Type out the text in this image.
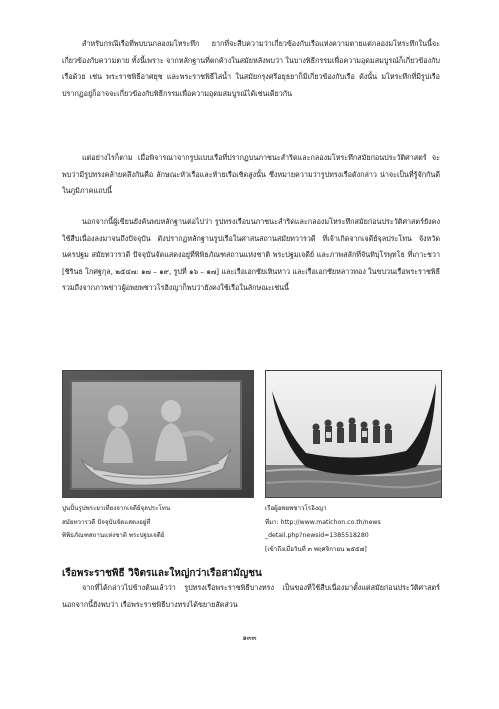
สำหรับกรณีเรือที่พบบนกลองมโหระทึก ยากที่จะสืบความว่าเกี่ยวข้องกับเรือแห่งความตายแต่กลองมโหระทึกในนี้จะเกี่ยวข้องกับความตาย ทั้งนี้เพราะ จากหลักฐานที่ตกค้างในสมัยหลังพบว่า ในบางพิธีกรรมเพื่อความอุดมสมบูรณ์ก็เกี่ยวข้องกับเรือด้วย เช่น พระราชพิธีอาศยุช และพระราชพิธีไล่น้ำ ในสมัยกรุงศรีอยุธยาก็มีเกี่ยวข้องกับเรือ ดังนั้น มโหระทึกที่มีรูปเรือปรากฏอยู่ก็อาจจะเกี่ยวข้องกับพิธีกรรมเพื่อความอุดมสมบูรณ์ได้เช่นเดียวกัน

แต่อย่างไรก็ตาม เมื่อพิจารณาจากรูปแบบเรือที่ปรากฏบนภาชนะสำริดและกลองมโหระทึกสมัยก่อนประวัติศาสตร์ จะพบว่ามีรูปทรงคล้ายคลึงกันคือ ลักษณะหัวเรือและท้ายเรือเชิดสูงนั้น ซึ่งหมายความว่ารูปทรงเรือดังกล่าว น่าจะเป็นที่รู้จักกันดีในภูมิภาคแถบนี้

นอกจากนี้ผู้เขียนยังค้นพบหลักฐานต่อไปว่า รูปทรงเรือบนภาชนะสำริดและกลองมโหระทึกสมัยก่อนประวัติศาสตร์ยังคงใช้สืบเนื่องลงมาจนถึงปัจจุบัน ดังปรากฏหลักฐานรูปเรือในศาสนสถานสมัยทวารวดี ที่เจ้าเกิดจากเจดีย์จุลประโทน จังหวัดนครปฐม สมัยทวารวดี ปัจจุบันจัดแสดงอยู่ที่พิพิธภัณฑสถานแห่งชาติ พระปฐมเจดีย์ และภาพสลักที่จันทิบุโรพุทโธ ที่เกาะชวา [ชิรินธ โกศฐกุล, ๒๕๔๗: ๑๗ – ๑๙, รูปที่ ๑๖ – ๑๗] และเรือเอกชัยเหินหาว และเรือเอกชัยหลาวทอง ในขบวนเรือพระราชพิธี รวมถึงจากภาพข่าวผู้อพยพชาวโรฮิงญาก็พบว่ายังคงใช้เรือในลักษณะเช่นนี้

ปูนปั้นรูปพระยาเที่ยงจากเจดีย์จุลประโทน
สมัยทวารวดี ปัจจุบันจัดแสดงอยู่ที่
พิพิธภัณฑสถานแห่งชาติ พระปฐมเจดีย์

เรือผู้อพยพชาวโรฮิงญา
ที่มา: http://www.matichon.co.th/news
_detail.php?newsid=1385518280
[เข้าถึงเมื่อวันที่ ๓ พฤศจิกายน ๒๕๕๗]

เรือพระราชพิธี วิจิตรและใหญ่กว่าเรือสามัญชน

จากที่ได้กล่าวไปข้างต้นแล้วว่า รูปทรงเรือพระราชพิธีบางทรง เป็นของที่ใช้สืบเนื่องมาตั้งแต่สมัยก่อนประวัติศาสตร์ นอกจากนี้ยังพบว่า เรือพระราชพิธีบางทรงได้ขยายสัดส่วน

๑๓๓
